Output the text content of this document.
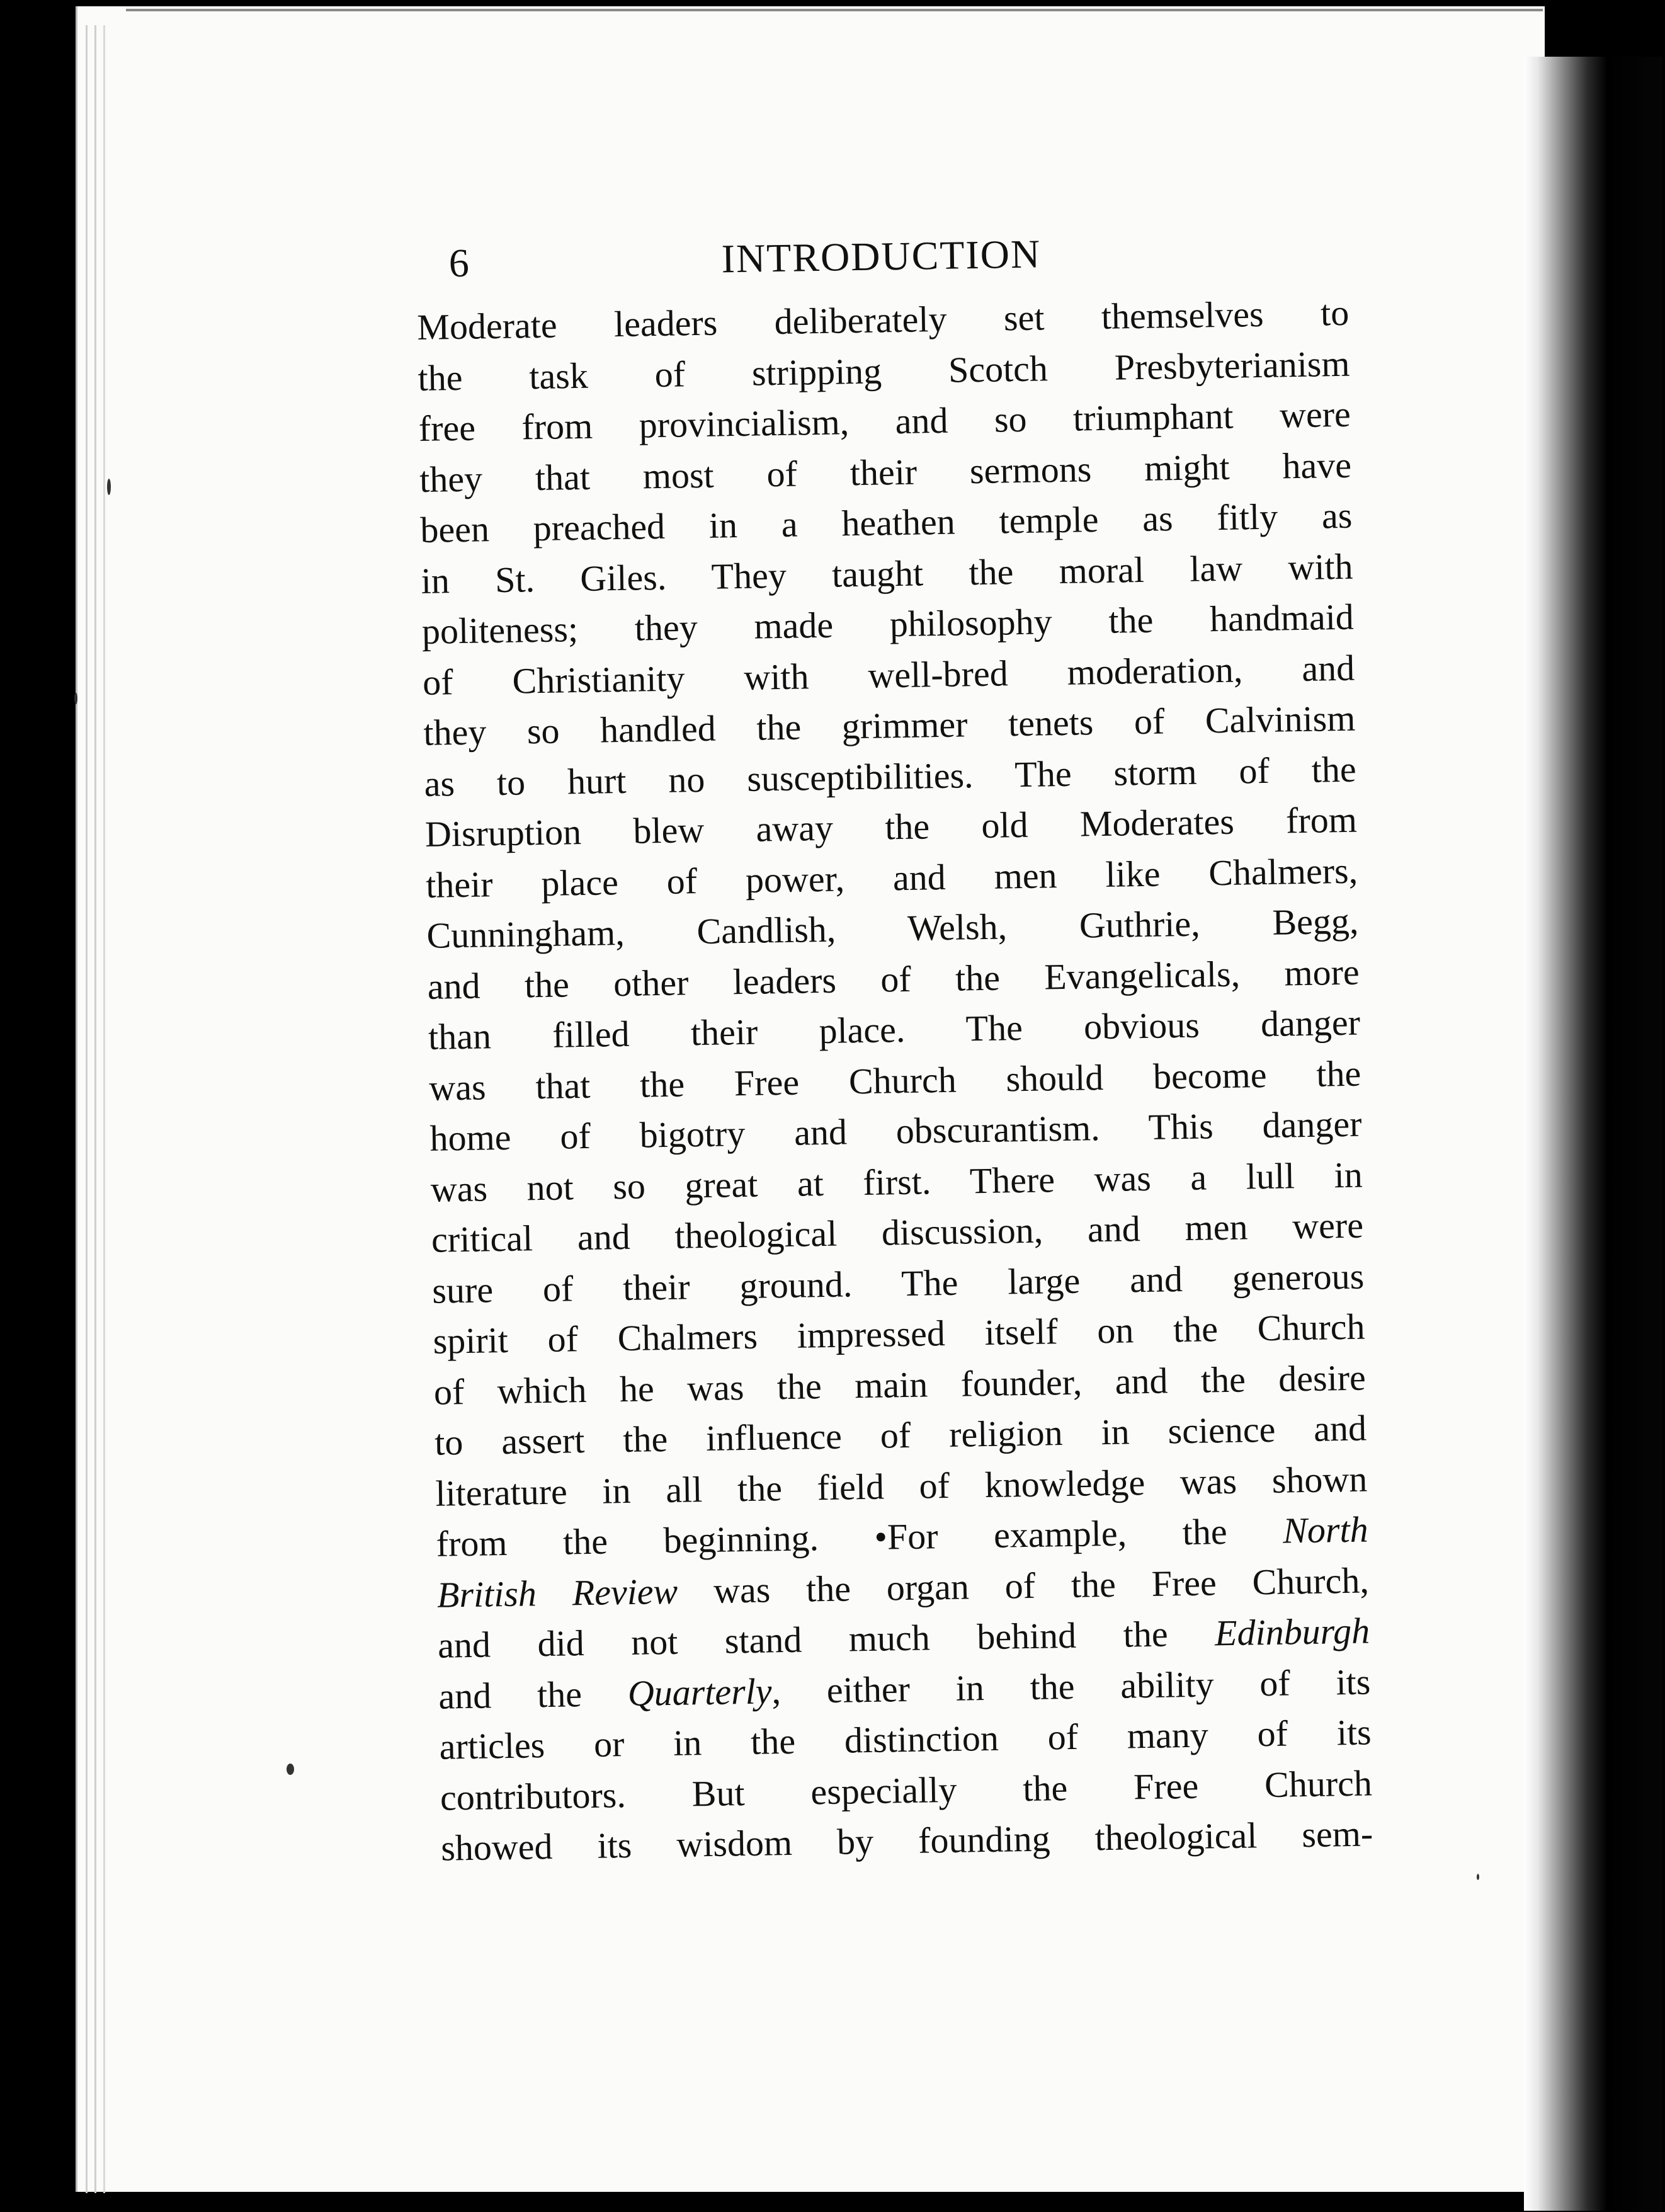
6	INTRODUCTION
Moderate leaders deliberately set themselves to
the task of stripping Scotch Presbyterianism
free from provincialism, and so triumphant were
they that most of their sermons might have
been preached in a heathen temple as fitly as
in St. Giles. They taught the moral law with
politeness; they made philosophy the handmaid
of Christianity with well-bred moderation, and
they so handled the grimmer tenets of Calvinism
as to hurt no susceptibilities. The storm of the
Disruption blew away the old Moderates from
their place of power, and men like Chalmers,
Cunningham, Candlish, Welsh, Guthrie, Begg,
and the other leaders of the Evangelicals, more
than filled their place. The obvious danger
was that the Free Church should become the
home of bigotry and obscurantism. This danger
was not so great at first. There was a lull in
critical and theological discussion, and men were
sure of their ground. The large and generous
spirit of Chalmers impressed itself on the Church
of which he was the main founder, and the desire
to assert the influence of religion in science and
literature in all the field of knowledge was shown
from the beginning. •For example, the North
British Review was the organ of the Free Church,
and did not stand much behind the Edinburgh
and the Quarterly, either in the ability of its
articles or in the distinction of many of its
contributors. But especially the Free Church
showed its wisdom by founding theological sem-
